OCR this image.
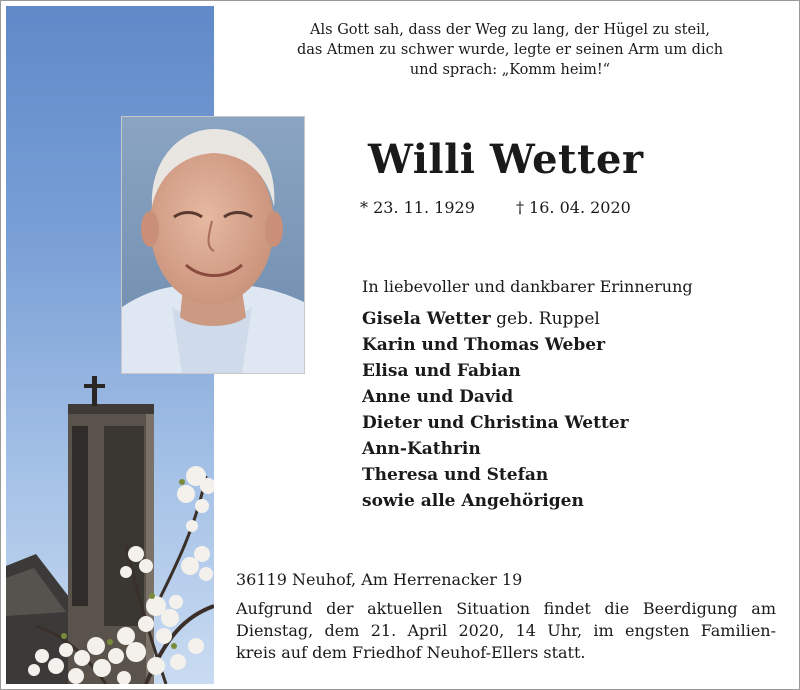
Als Gott sah, dass der Weg zu lang, der Hügel zu steil,
das Atmen zu schwer wurde, legte er seinen Arm um dich
und sprach: „Komm heim!“
Willi Wetter
* 23. 11. 1929	† 16. 04. 2020
In liebevoller und dankbarer Erinnerung
Gisela Wetter geb. Ruppel
Karin und Thomas Weber
Elisa und Fabian
Anne und David
Dieter und Christina Wetter
Ann-Kathrin
Theresa und Stefan
sowie alle Angehörigen
36119 Neuhof, Am Herrenacker 19
Aufgrund der aktuellen Situation findet die Beerdigung am
Dienstag, dem 21. April 2020, 14 Uhr, im engsten Familien-
kreis auf dem Friedhof Neuhof-Ellers statt.
